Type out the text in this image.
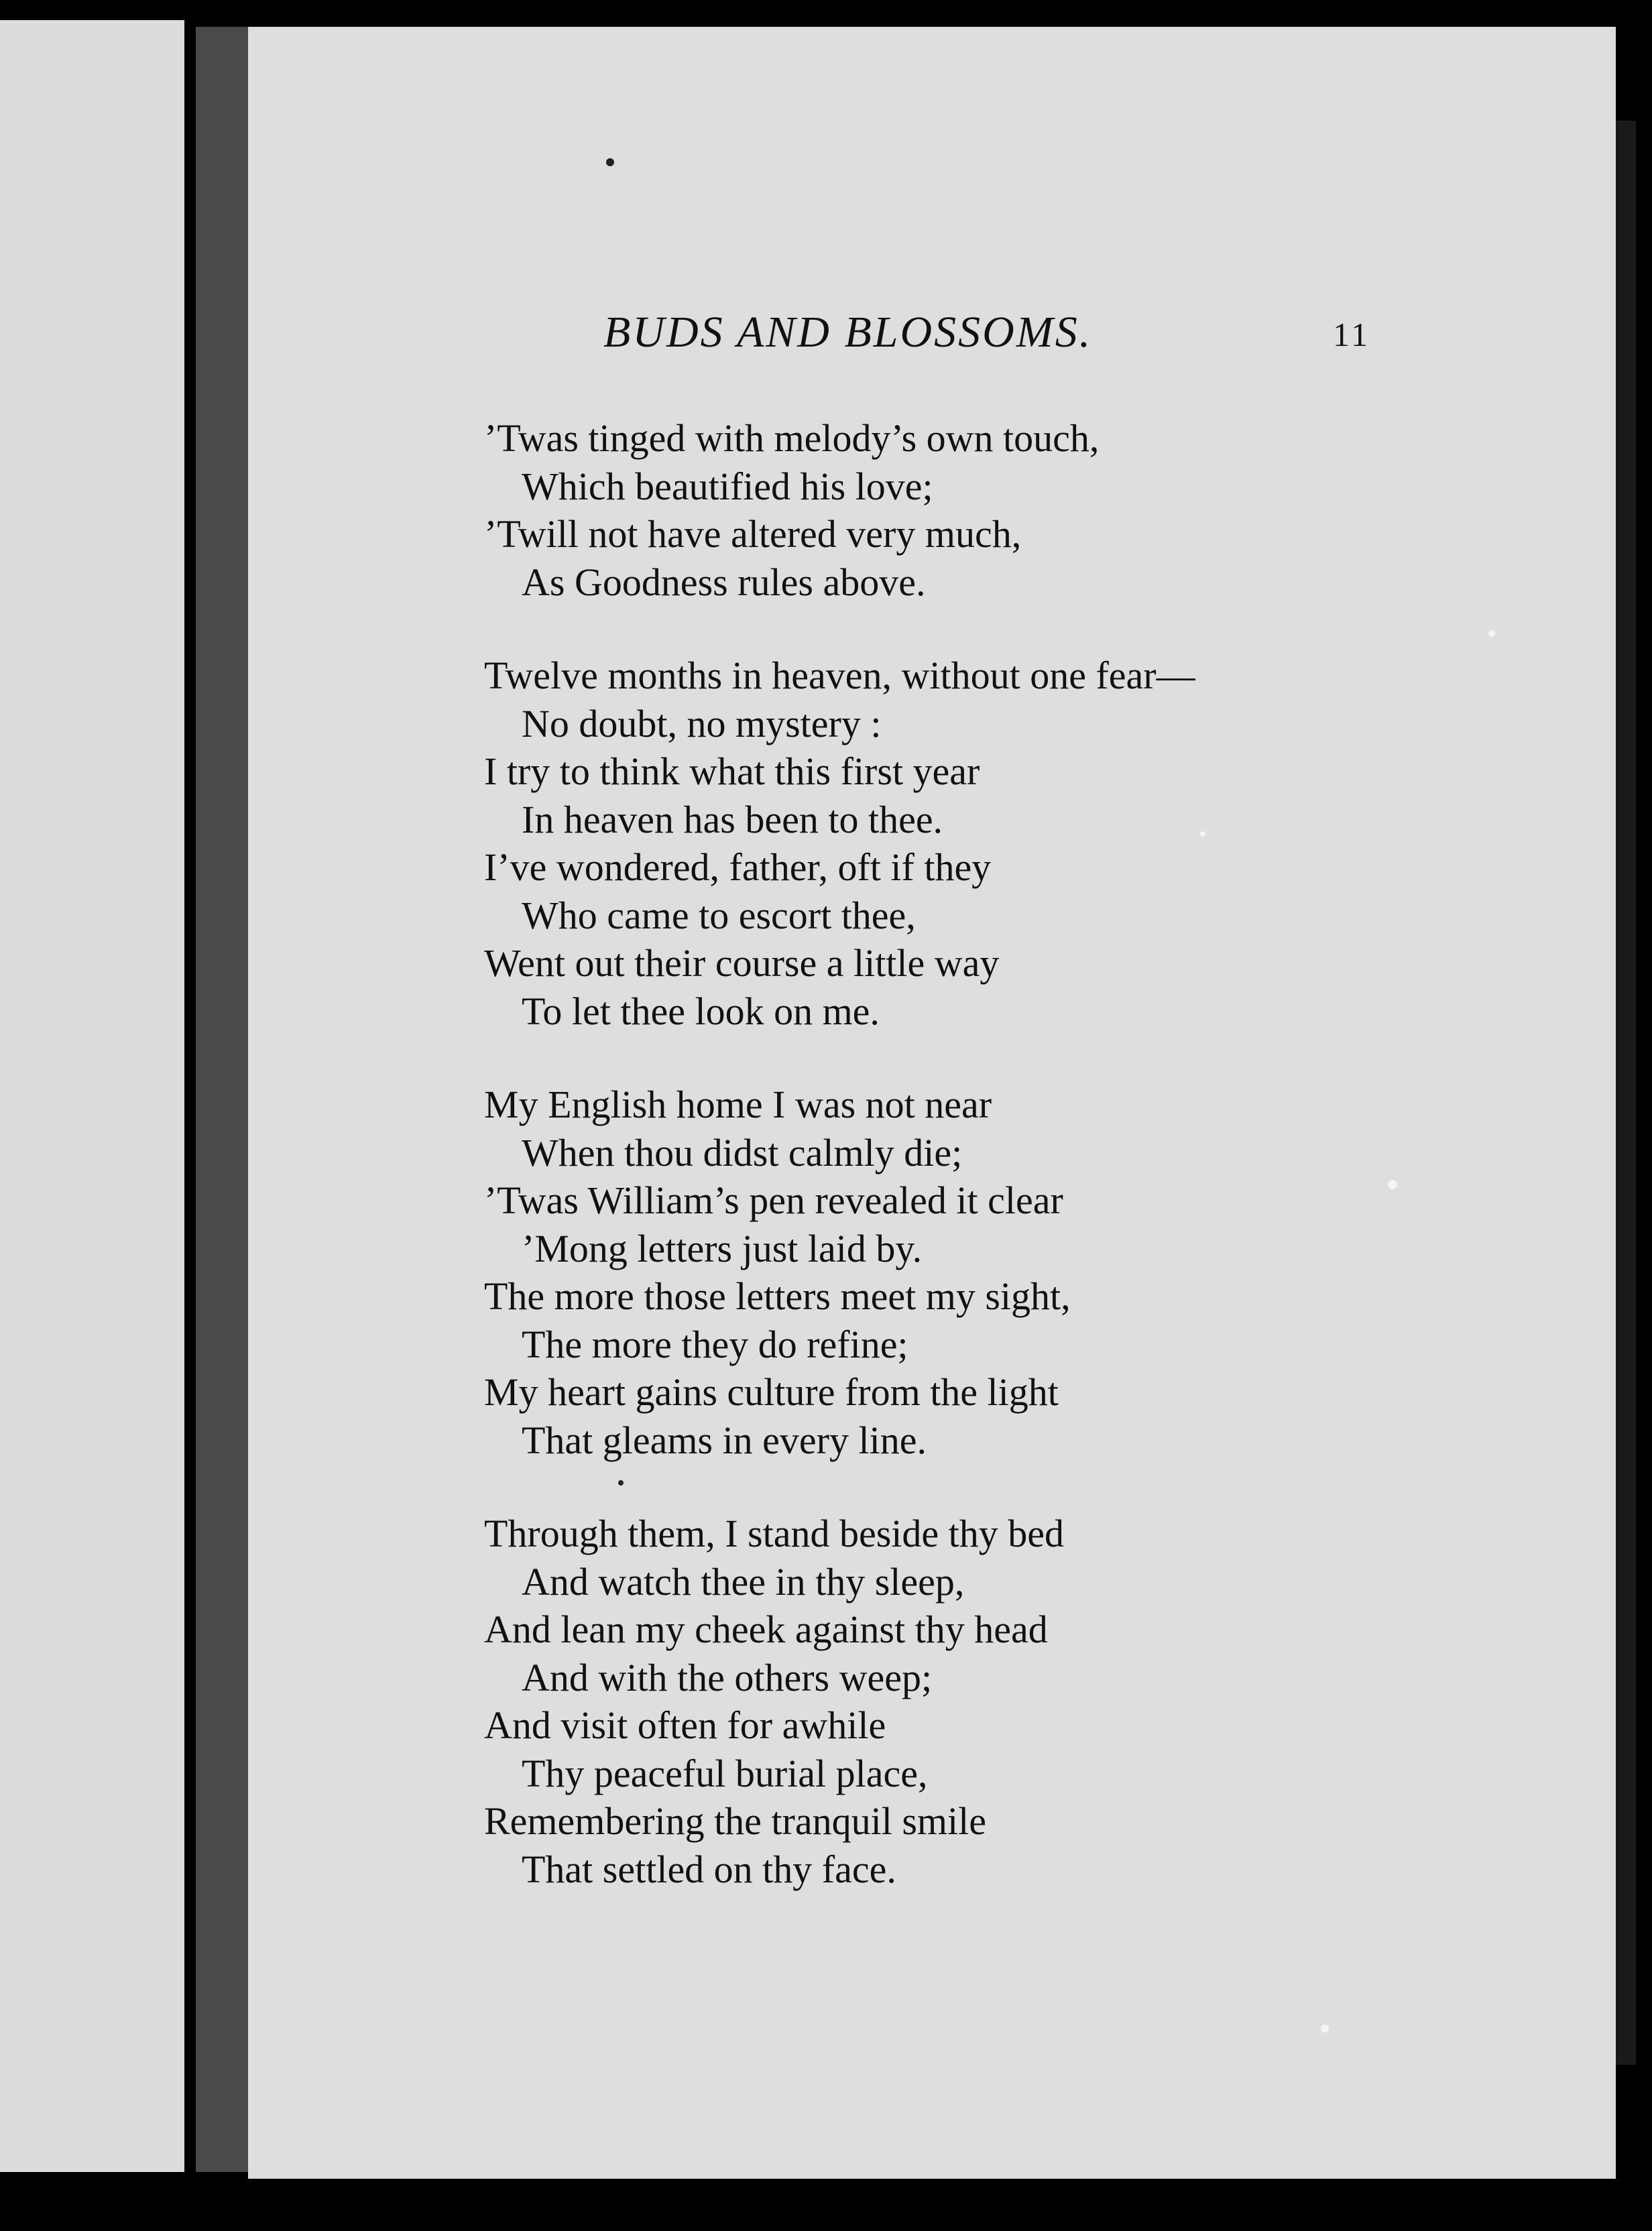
BUDS AND BLOSSOMS.	11
’Twas tinged with melody’s own touch,
Which beautified his love;
’Twill not have altered very much,
As Goodness rules above.
Twelve months in heaven, without one fear—
No doubt, no mystery :
I try to think what this first year
In heaven has been to thee.
I’ve wondered, father, oft if they
Who came to escort thee,
Went out their course a little way
To let thee look on me.
My English home I was not near
When thou didst calmly die;
’Twas William’s pen revealed it clear
’Mong letters just laid by.
The more those letters meet my sight,
The more they do refine;
My heart gains culture from the light
That gleams in every line.
Through them, I stand beside thy bed
And watch thee in thy sleep,
And lean my cheek against thy head
And with the others weep;
And visit often for awhile
Thy peaceful burial place,
Remembering the tranquil smile
That settled on thy face.
